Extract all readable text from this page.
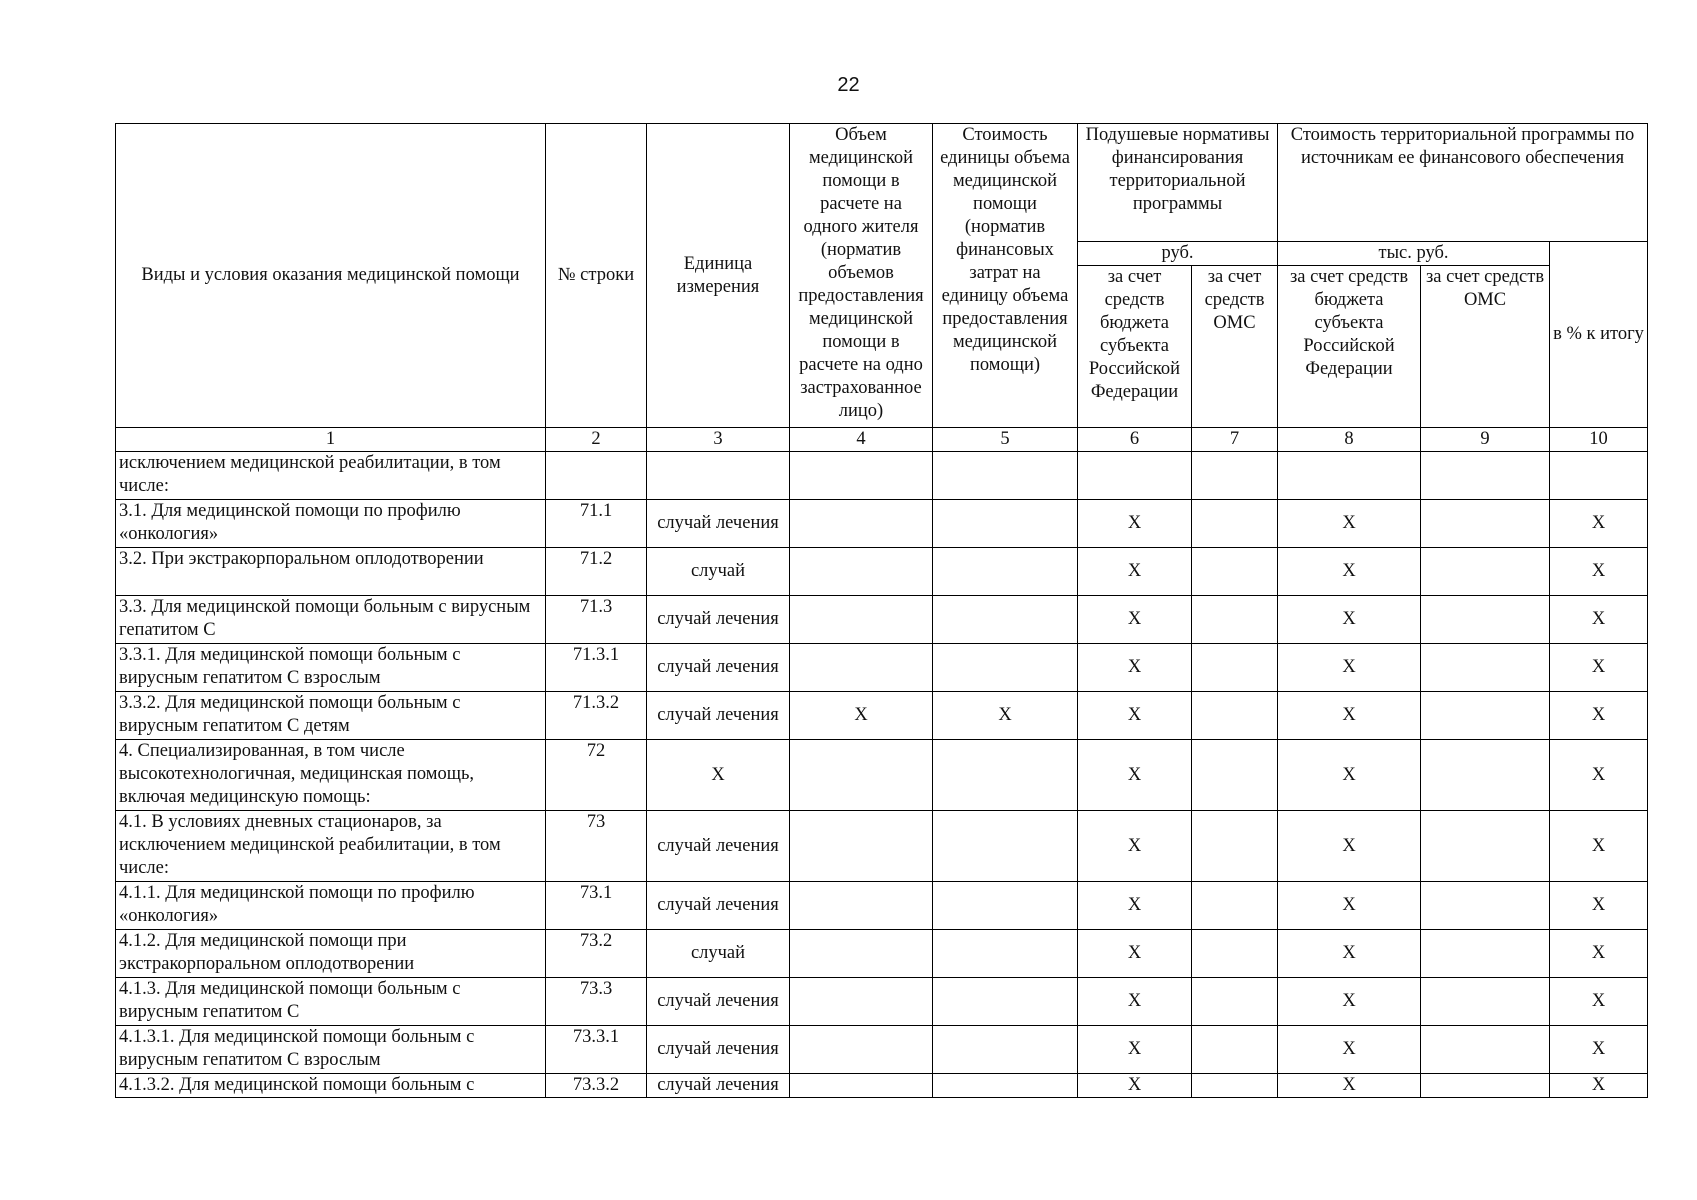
22
Виды и условия оказания медицинской помощи	№ строки	Единица измерения	Объем медицинской помощи в расчете на одного жителя (норматив объемов предоставления медицинской помощи в расчете на одно застрахованное лицо)	Стоимость единицы объема медицинской помощи (норматив финансовых затрат на единицу объема предоставления медицинской помощи)	Подушевые нормативы финансирования территориальной программы		Стоимость территориальной программы по источникам ее финансового обеспечения		
					руб.		тыс. руб.		в % к итогу
					за счет средств бюджета субъекта Российской Федерации	за счет средств ОМС	за счет средств бюджета субъекта Российской Федерации	за счет средств ОМС	
1	2	3	4	5	6	7	8	9	10
исключением медицинской реабилитации, в том числе:									
3.1. Для медицинской помощи по профилю «онкология»	71.1	случай лечения			X		X		X
3.2. При экстракорпоральном оплодотворении	71.2	случай			X		X		X
3.3. Для медицинской помощи больным с вирусным гепатитом С	71.3	случай лечения			X		X		X
3.3.1. Для медицинской помощи больным с вирусным гепатитом С взрослым	71.3.1	случай лечения			X		X		X
3.3.2. Для медицинской помощи больным с вирусным гепатитом С детям	71.3.2	случай лечения	X	X	X		X		X
4. Специализированная, в том числе высокотехнологичная, медицинская помощь, включая медицинскую помощь:	72	X			X		X		X
4.1. В условиях дневных стационаров, за исключением медицинской реабилитации, в том числе:	73	случай лечения			X		X		X
4.1.1. Для медицинской помощи по профилю «онкология»	73.1	случай лечения			X		X		X
4.1.2. Для медицинской помощи при экстракорпоральном оплодотворении	73.2	случай			X		X		X
4.1.3. Для медицинской помощи больным с вирусным гепатитом С	73.3	случай лечения			X		X		X
4.1.3.1. Для медицинской помощи больным с вирусным гепатитом С взрослым	73.3.1	случай лечения			X		X		X
4.1.3.2. Для медицинской помощи больным с	73.3.2	случай лечения			X		X		X
